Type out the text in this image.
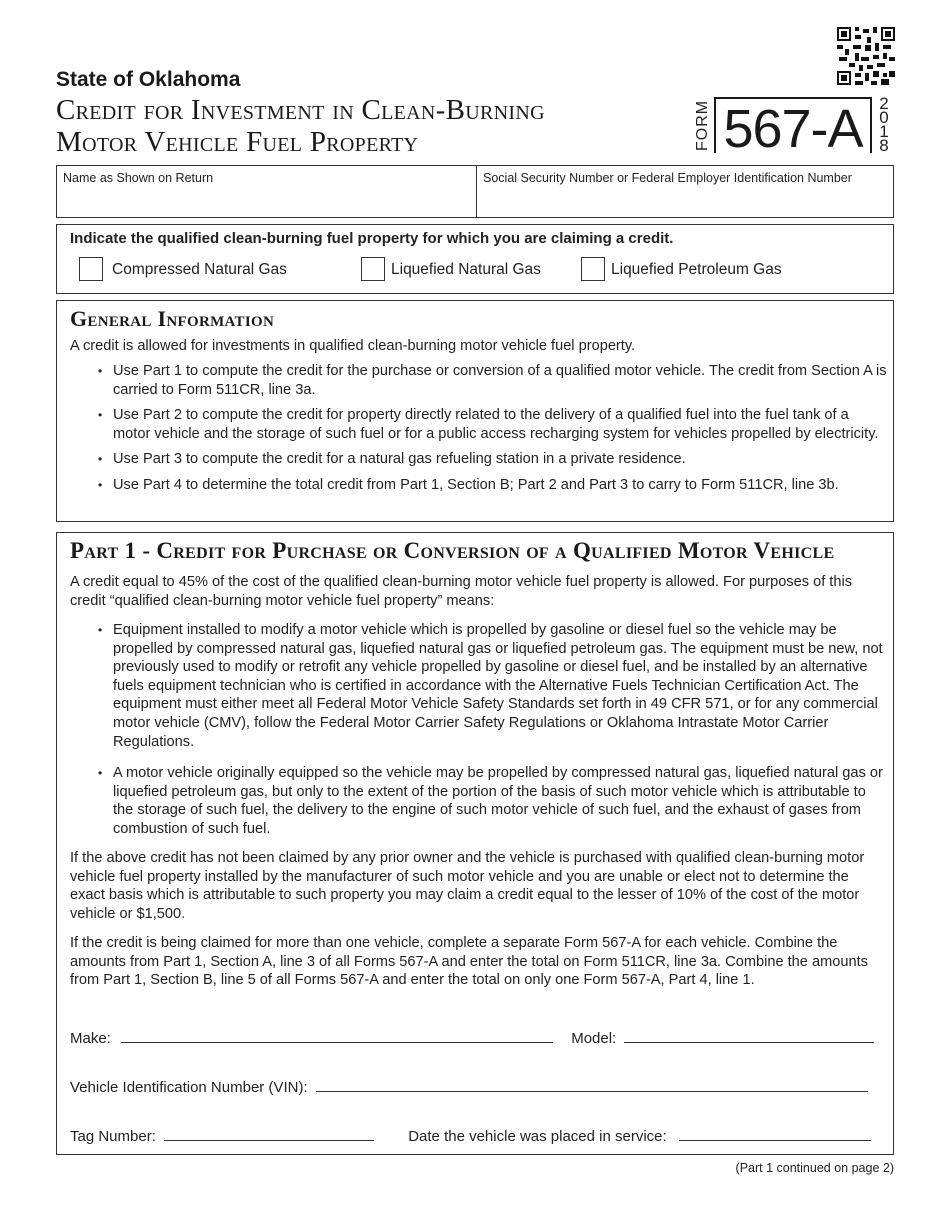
State of Oklahoma
Credit for Investment in Clean-Burning
Motor Vehicle Fuel Property	FORM 567-A 2
0
1
8
Name as Shown on Return	Social Security Number or Federal Employer Identification Number
Indicate the qualified clean-burning fuel property for which you are claiming a credit.
Compressed Natural Gas	Liquefied Natural Gas	Liquefied Petroleum Gas
General Information
A credit is allowed for investments in qualified clean-burning motor vehicle fuel property.
• Use Part 1 to compute the credit for the purchase or conversion of a qualified motor vehicle. The credit from Section A is carried to Form 511CR, line 3a.
• Use Part 2 to compute the credit for property directly related to the delivery of a qualified fuel into the fuel tank of a motor vehicle and the storage of such fuel or for a public access recharging system for vehicles propelled by electricity.
• Use Part 3 to compute the credit for a natural gas refueling station in a private residence.
• Use Part 4 to determine the total credit from Part 1, Section B; Part 2 and Part 3 to carry to Form 511CR, line 3b.
Part 1 - Credit for Purchase or Conversion of a Qualified Motor Vehicle
A credit equal to 45% of the cost of the qualified clean-burning motor vehicle fuel property is allowed. For purposes of this credit “qualified clean-burning motor vehicle fuel property” means:
• Equipment installed to modify a motor vehicle which is propelled by gasoline or diesel fuel so the vehicle may be propelled by compressed natural gas, liquefied natural gas or liquefied petroleum gas. The equipment must be new, not previously used to modify or retrofit any vehicle propelled by gasoline or diesel fuel, and be installed by an alternative fuels equipment technician who is certified in accordance with the Alternative Fuels Technician Certification Act. The equipment must either meet all Federal Motor Vehicle Safety Standards set forth in 49 CFR 571, or for any commercial motor vehicle (CMV), follow the Federal Motor Carrier Safety Regulations or Oklahoma Intrastate Motor Carrier Regulations.
• A motor vehicle originally equipped so the vehicle may be propelled by compressed natural gas, liquefied natural gas or liquefied petroleum gas, but only to the extent of the portion of the basis of such motor vehicle which is attributable to the storage of such fuel, the delivery to the engine of such motor vehicle of such fuel, and the exhaust of gases from combustion of such fuel.
If the above credit has not been claimed by any prior owner and the vehicle is purchased with qualified clean-burning motor vehicle fuel property installed by the manufacturer of such motor vehicle and you are unable or elect not to determine the exact basis which is attributable to such property you may claim a credit equal to the lesser of 10% of the cost of the motor vehicle or $1,500.
If the credit is being claimed for more than one vehicle, complete a separate Form 567-A for each vehicle. Combine the amounts from Part 1, Section A, line 3 of all Forms 567-A and enter the total on Form 511CR, line 3a. Combine the amounts from Part 1, Section B, line 5 of all Forms 567-A and enter the total on only one Form 567-A, Part 4, line 1.
Make:	Model:
Vehicle Identification Number (VIN):
Tag Number:	Date the vehicle was placed in service:
(Part 1 continued on page 2)
